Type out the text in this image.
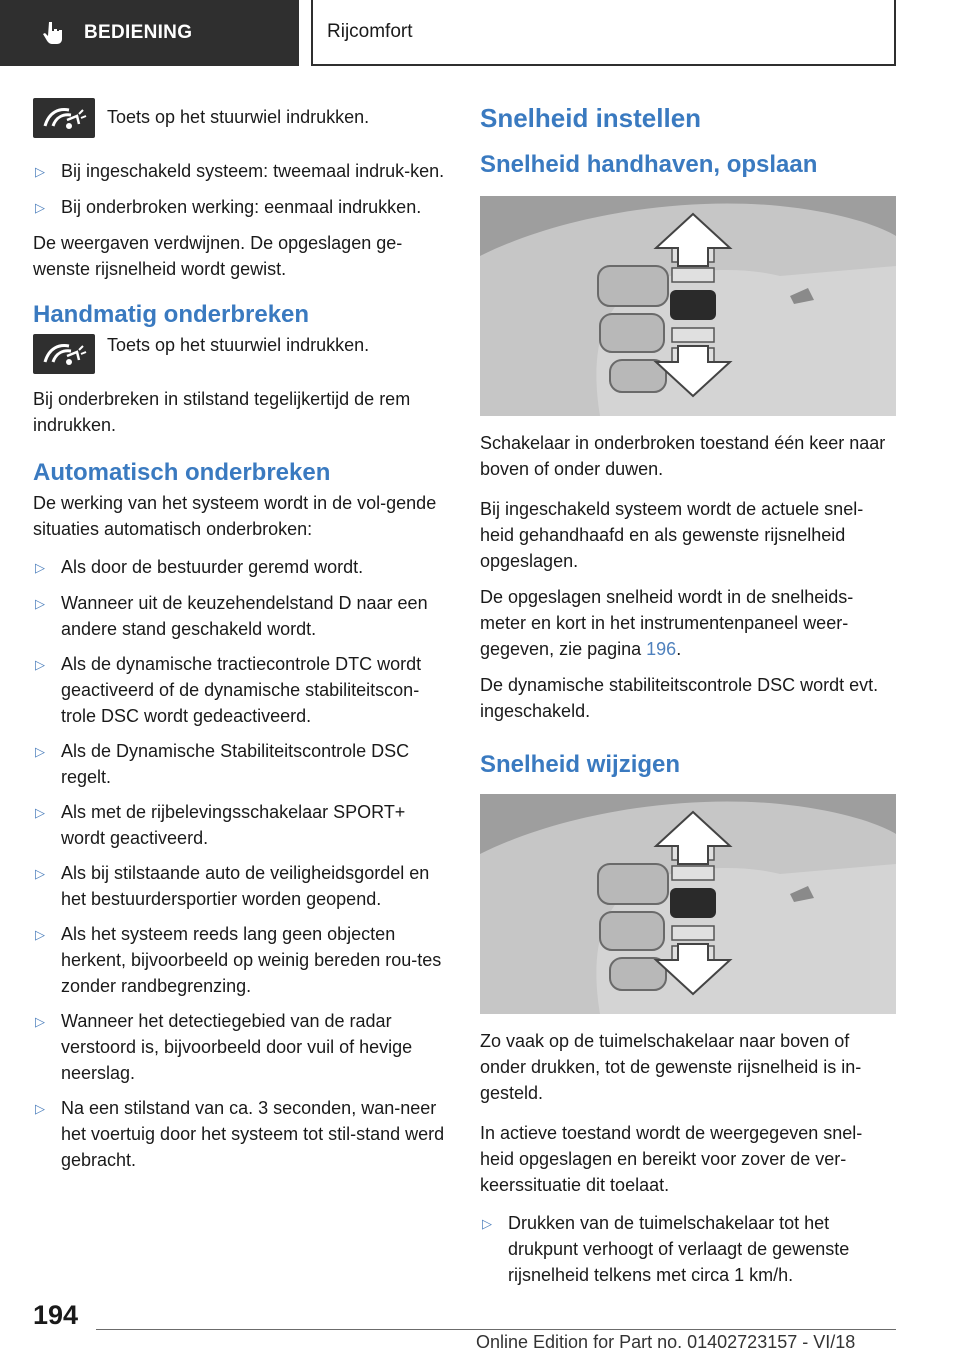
BEDIENING	Rijcomfort
Toets op het stuurwiel indrukken.
▷ Bij ingeschakeld systeem: tweemaal indruk-ken.
▷ Bij onderbroken werking: eenmaal indrukken.

De weergaven verdwijnen. De opgeslagen ge-wenste rijsnelheid wordt gewist.

Handmatig onderbreken
Toets op het stuurwiel indrukken.

Bij onderbreken in stilstand tegelijkertijd de rem indrukken.

Automatisch onderbreken

De werking van het systeem wordt in de vol-gende situaties automatisch onderbroken:

▷ Als door de bestuurder geremd wordt.
▷ Wanneer uit de keuzehendelstand D naar een andere stand geschakeld wordt.
▷ Als de dynamische tractiecontrole DTC wordt geactiveerd of de dynamische stabiliteitscon-trole DSC wordt gedeactiveerd.
▷ Als de Dynamische Stabiliteitscontrole DSC regelt.
▷ Als met de rijbelevingsschakelaar SPORT+ wordt geactiveerd.
▷ Als bij stilstaande auto de veiligheidsgordel en het bestuurdersportier worden geopend.
▷ Als het systeem reeds lang geen objecten herkent, bijvoorbeeld op weinig bereden rou-tes zonder randbegrenzing.
▷ Wanneer het detectiegebied van de radar verstoord is, bijvoorbeeld door vuil of hevige neerslag.
▷ Na een stilstand van ca. 3 seconden, wan-neer het voertuig door het systeem tot stil-stand werd gebracht.
Snelheid instellen
Snelheid handhaven, opslaan

Schakelaar in onderbroken toestand één keer naar boven of onder duwen.

Bij ingeschakeld systeem wordt de actuele snel-heid gehandhaafd en als gewenste rijsnelheid opgeslagen.

De opgeslagen snelheid wordt in de snelheids-meter en kort in het instrumentenpaneel weer-gegeven, zie pagina 196.

De dynamische stabiliteitscontrole DSC wordt evt. ingeschakeld.

Snelheid wijzigen

Zo vaak op de tuimelschakelaar naar boven of onder drukken, tot de gewenste rijsnelheid is in-gesteld.

In actieve toestand wordt de weergegeven snel-heid opgeslagen en bereikt voor zover de ver-keerssituatie dit toelaat.

▷ Drukken van de tuimelschakelaar tot het drukpunt verhoogt of verlaagt de gewenste rijsnelheid telkens met circa 1 km/h.
194
Online Edition for Part no. 01402723157 - VI/18
